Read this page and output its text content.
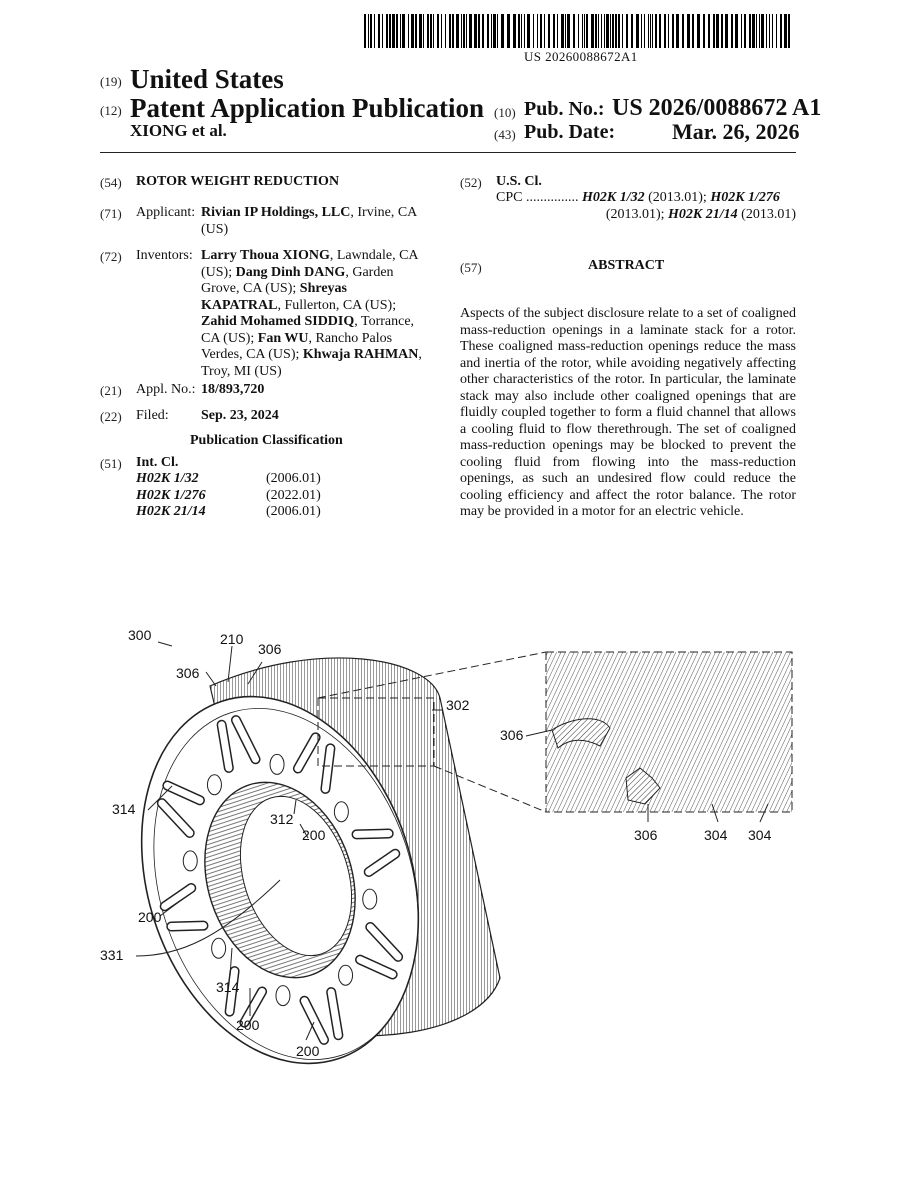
US 20260088672A1
(19) United States
(12) Patent Application Publication
XIONG et al.
(10) Pub. No.: US 2026/0088672 A1
(43) Pub. Date:	Mar. 26, 2026
(54) ROTOR WEIGHT REDUCTION
(71) Applicant: Rivian IP Holdings, LLC, Irvine, CA
(US)
(72) Inventors: Larry Thoua XIONG, Lawndale, CA
(US); Dang Dinh DANG, Garden
Grove, CA (US); Shreyas
KAPATRAL, Fullerton, CA (US);
Zahid Mohamed SIDDIQ, Torrance,
CA (US); Fan WU, Rancho Palos
Verdes, CA (US); Khwaja RAHMAN,
Troy, MI (US)
(21) Appl. No.: 18/893,720
(22) Filed: Sep. 23, 2024
Publication Classification
(51) Int. Cl.
H02K 1/32	(2006.01)
H02K 1/276	(2022.01)
H02K 21/14	(2006.01)
(52) U.S. Cl.
CPC ............... H02K 1/32 (2013.01); H02K 1/276
(2013.01); H02K 21/14 (2013.01)
(57)	ABSTRACT
Aspects of the subject disclosure relate to a set of coaligned mass-reduction openings in a laminate stack for a rotor. These coaligned mass-reduction openings reduce the mass and inertia of the rotor, while avoiding negatively affecting other characteristics of the rotor. In particular, the laminate stack may also include other coaligned openings that are fluidly coupled together to form a fluid channel that allows a cooling fluid to flow therethrough. The set of coaligned mass-reduction openings may be blocked to prevent the cooling fluid from flowing into the mass-reduction openings, as such an undesired flow could reduce the cooling efficiency and affect the rotor balance. The rotor may be provided in a motor for an electric vehicle.
300	210
306
306
302
306
314
312
200
200
331
314
200
200
306	304 304
